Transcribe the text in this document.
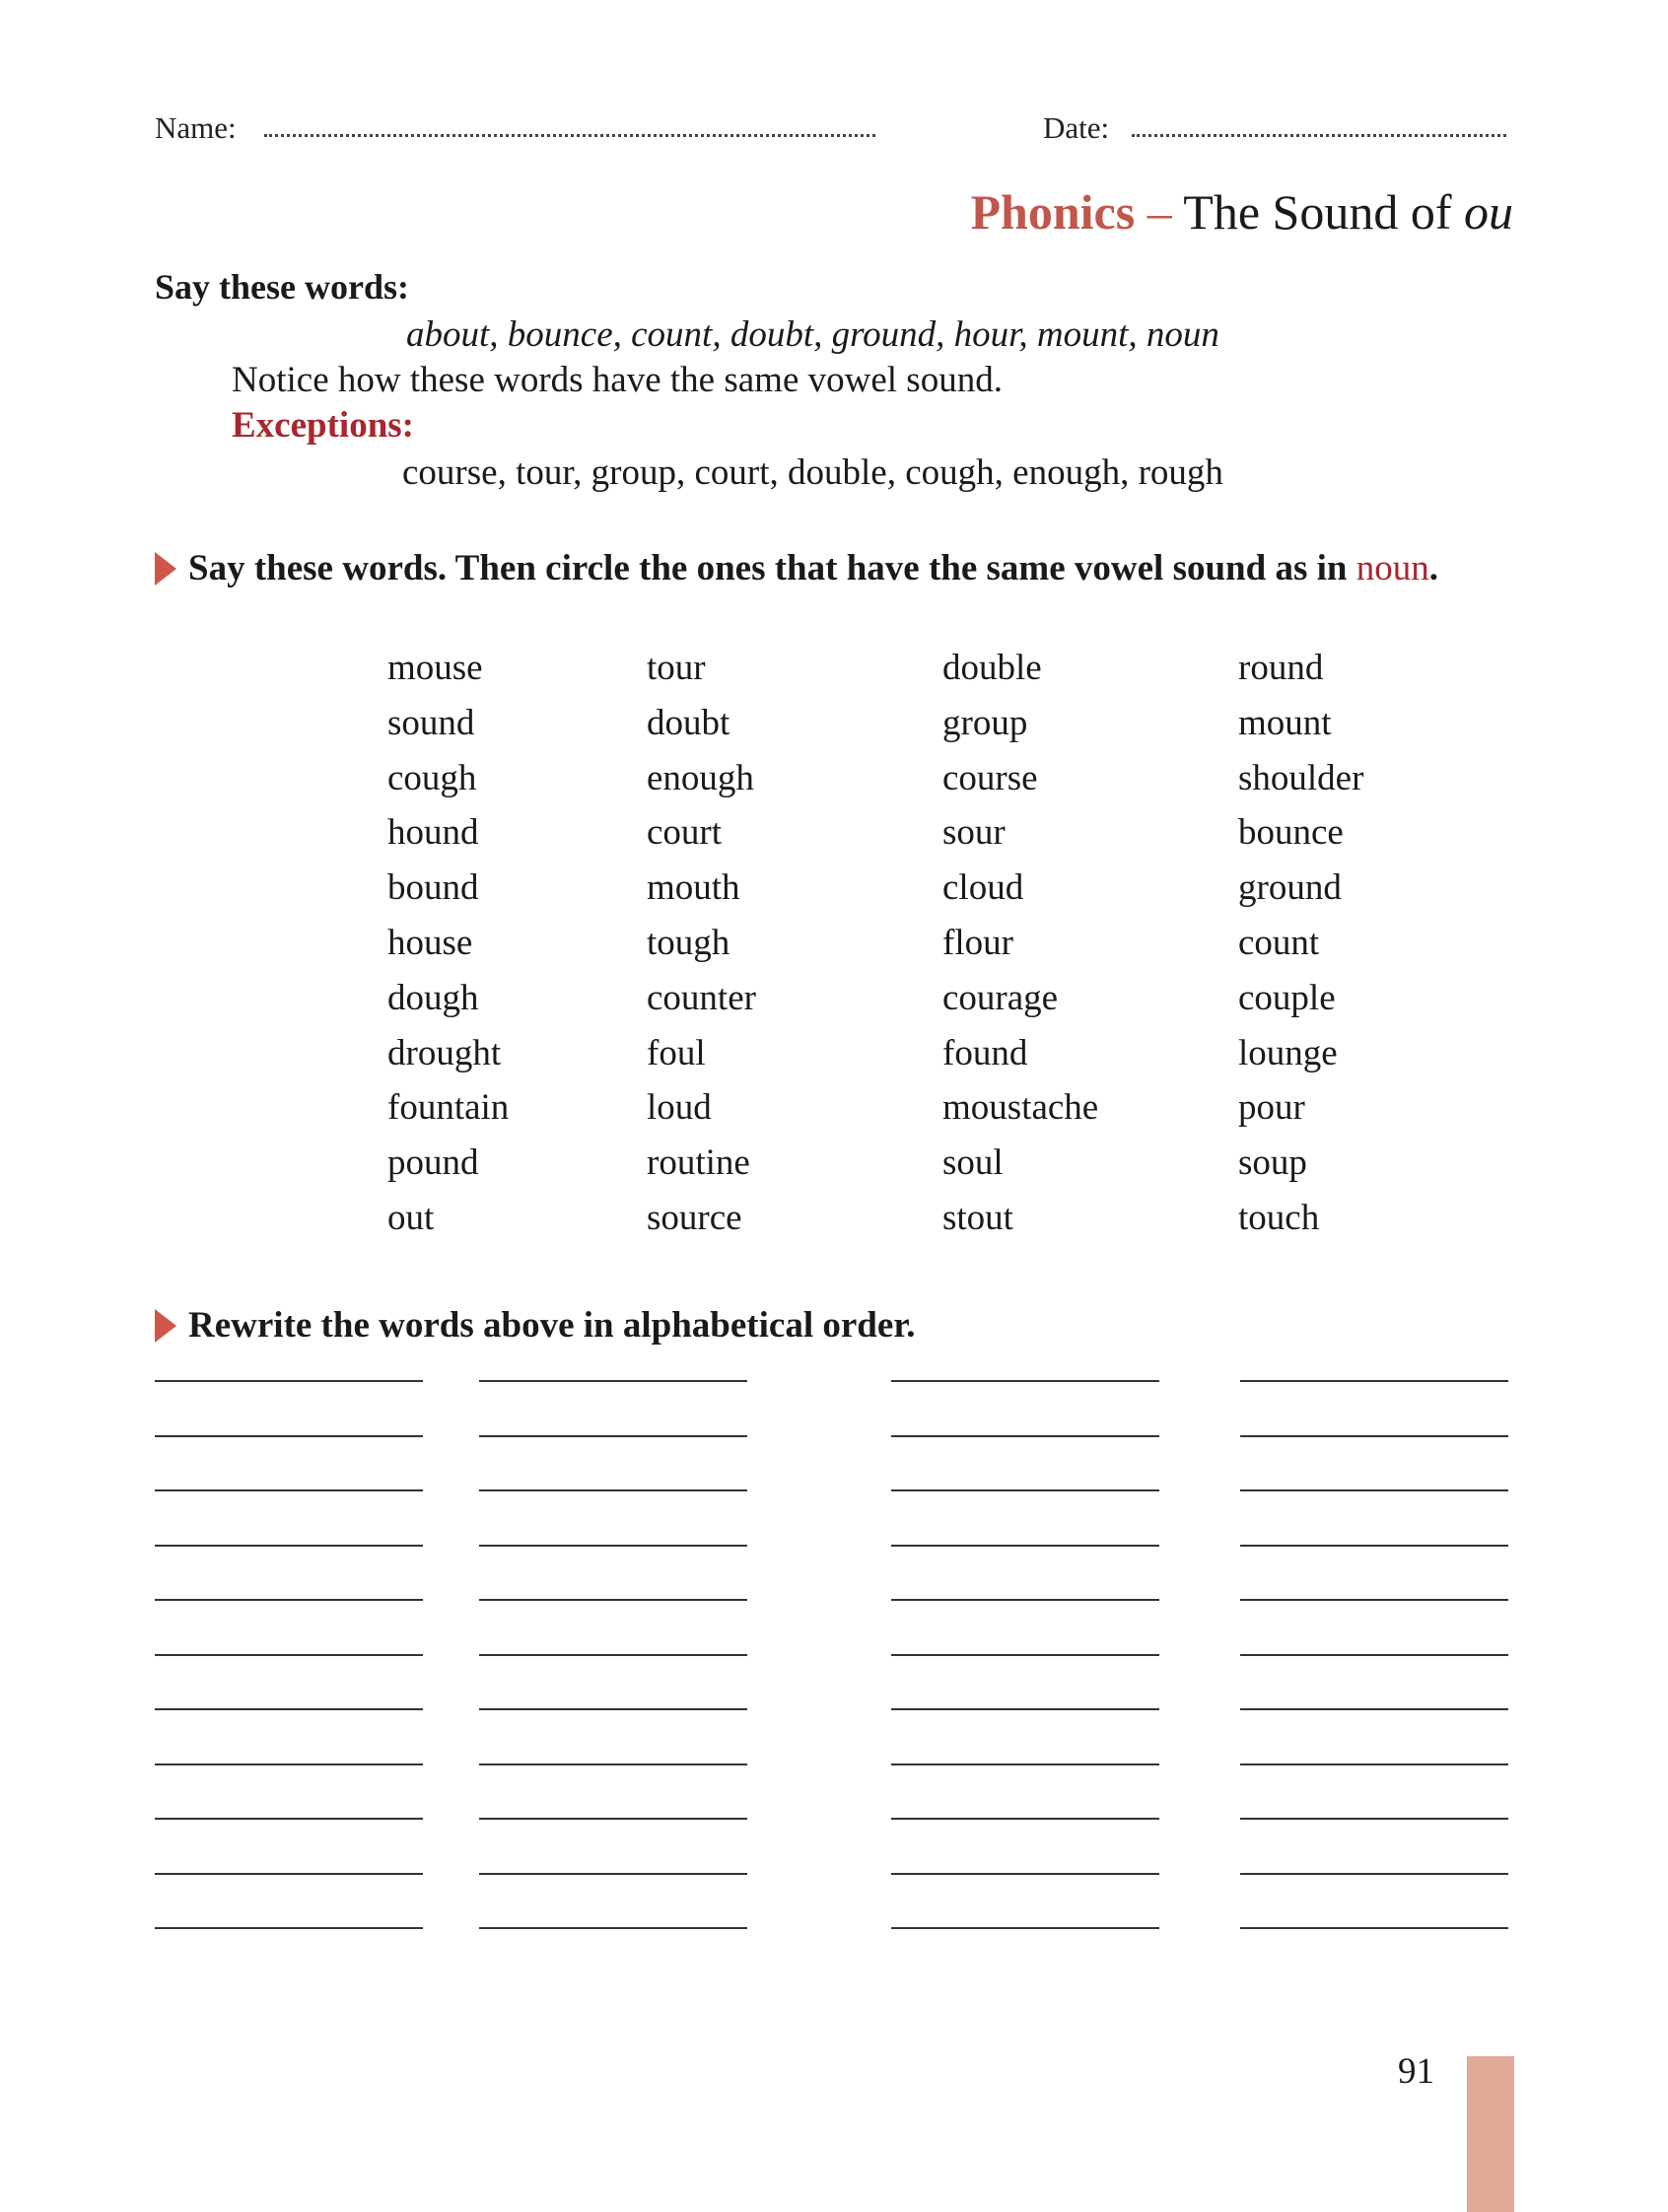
Name:	Date:
Phonics – The Sound of ou
Say these words:
about, bounce, count, doubt, ground, hour, mount, noun
Notice how these words have the same vowel sound.
Exceptions:
course, tour, group, court, double, cough, enough, rough
Say these words. Then circle the ones that have the same vowel sound as in
noun .
mouse
sound
cough
hound
bound
house
dough
drought
fountain
pound
out
tour
doubt
enough
court
mouth
tough
counter
foul
loud
routine
source
double
group
course
sour
cloud
flour
courage
found
moustache
soul
stout
round
mount
shoulder
bounce
ground
count
couple
lounge
pour
soup
touch
Rewrite the words above in alphabetical order.
91
